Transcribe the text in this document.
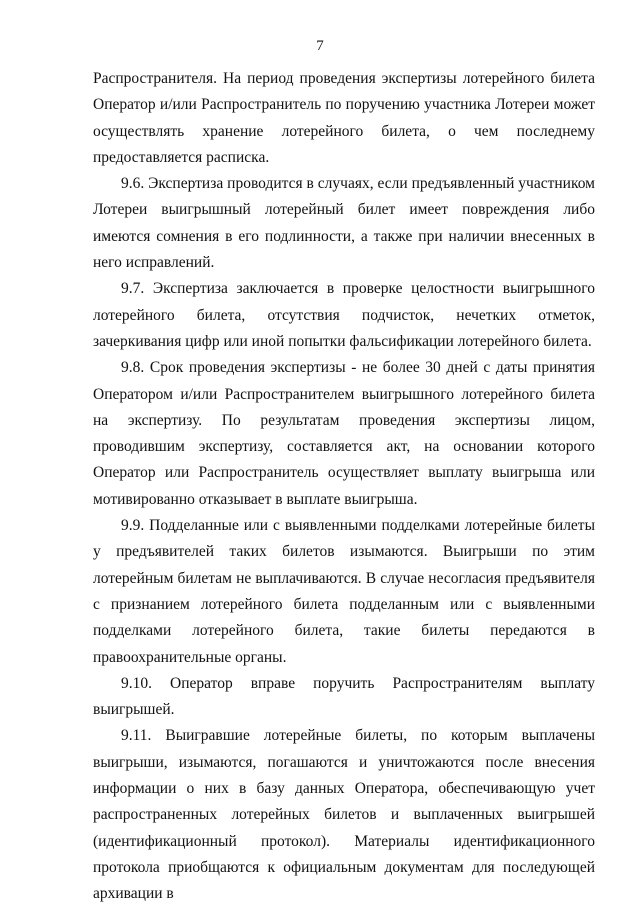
7

Распространителя. На период проведения экспертизы лотерейного билета Оператор и/или Распространитель по поручению участника Лотереи может осуществлять хранение лотерейного билета, о чем последнему предоставляется расписка.

9.6. Экспертиза проводится в случаях, если предъявленный участником Лотереи выигрышный лотерейный билет имеет повреждения либо имеются сомнения в его подлинности, а также при наличии внесенных в него исправлений.

9.7. Экспертиза заключается в проверке целостности выигрышного лотерейного билета, отсутствия подчисток, нечетких отметок, зачеркивания цифр или иной попытки фальсификации лотерейного билета.

9.8. Срок проведения экспертизы - не более 30 дней с даты принятия Оператором и/или Распространителем выигрышного лотерейного билета на экспертизу. По результатам проведения экспертизы лицом, проводившим экспертизу, составляется акт, на основании которого Оператор или Распространитель осуществляет выплату выигрыша или мотивированно отказывает в выплате выигрыша.

9.9. Подделанные или с выявленными подделками лотерейные билеты у предъявителей таких билетов изымаются. Выигрыши по этим лотерейным билетам не выплачиваются. В случае несогласия предъявителя с признанием лотерейного билета подделанным или с выявленными подделками лотерейного билета, такие билеты передаются в правоохранительные органы.

9.10. Оператор вправе поручить Распространителям выплату выигрышей.

9.11. Выигравшие лотерейные билеты, по которым выплачены выигрыши, изымаются, погашаются и уничтожаются после внесения информации о них в базу данных Оператора, обеспечивающую учет распространенных лотерейных билетов и выплаченных выигрышей (идентификационный протокол). Материалы идентификационного протокола приобщаются к официальным документам для последующей архивации в
